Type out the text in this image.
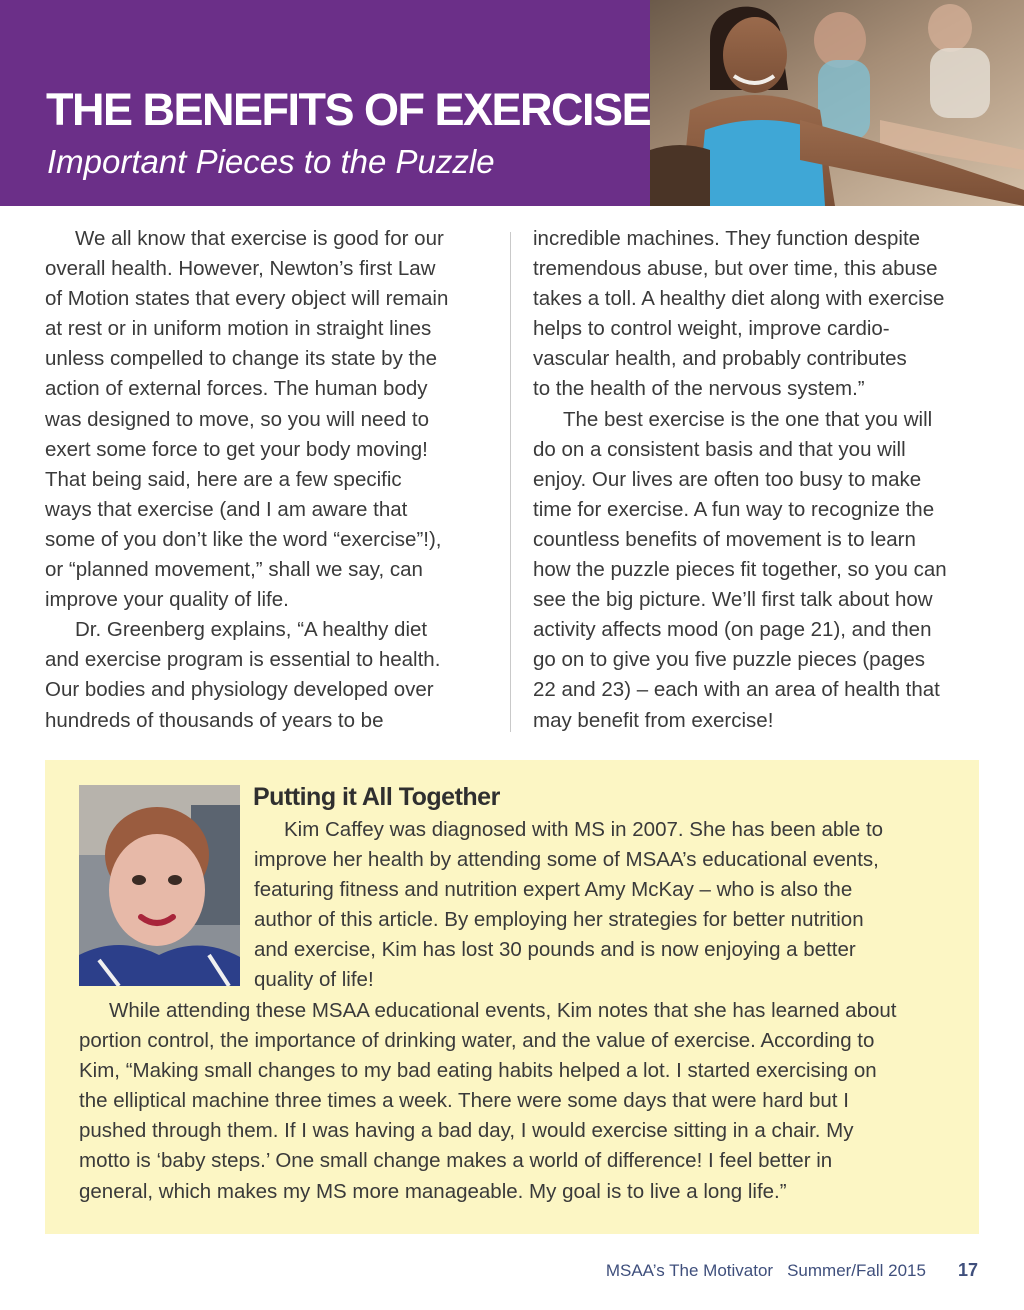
THE BENEFITS OF EXERCISE
Important Pieces to the Puzzle

We all know that exercise is good for our

overall health. However, Newton’s first Law

of Motion states that every object will remain

at rest or in uniform motion in straight lines

unless compelled to change its state by the

action of external forces. The human body

was designed to move, so you will need to

exert some force to get your body moving!

That being said, here are a few specific

ways that exercise (and I am aware that

some of you don’t like the word “exercise”!),

or “planned movement,” shall we say, can

improve your quality of life.

Dr. Greenberg explains, “A healthy diet

and exercise program is essential to health.

Our bodies and physiology developed over

hundreds of thousands of years to be

incredible machines. They function despite

tremendous abuse, but over time, this abuse

takes a toll. A healthy diet along with exercise

helps to control weight, improve cardio-

vascular health, and probably contributes

to the health of the nervous system.”

The best exercise is the one that you will

do on a consistent basis and that you will

enjoy. Our lives are often too busy to make

time for exercise. A fun way to recognize the

countless benefits of movement is to learn

how the puzzle pieces fit together, so you can

see the big picture. We’ll first talk about how

activity affects mood (on page 21), and then

go on to give you five puzzle pieces (pages

22 and 23) – each with an area of health that

may benefit from exercise!

Putting it All Together

Kim Caffey was diagnosed with MS in 2007. She has been able to

improve her health by attending some of MSAA’s educational events,

featuring fitness and nutrition expert Amy McKay – who is also the

author of this article. By employing her strategies for better nutrition

and exercise, Kim has lost 30 pounds and is now enjoying a better

quality of life!

While attending these MSAA educational events, Kim notes that she has learned about

portion control, the importance of drinking water, and the value of exercise. According to

Kim, “Making small changes to my bad eating habits helped a lot. I started exercising on

the elliptical machine three times a week. There were some days that were hard but I

pushed through them. If I was having a bad day, I would exercise sitting in a chair. My

motto is ‘baby steps.’ One small change makes a world of difference! I feel better in

general, which makes my MS more manageable. My goal is to live a long life.”

MSAA’s The Motivator Summer/Fall 2015 17
